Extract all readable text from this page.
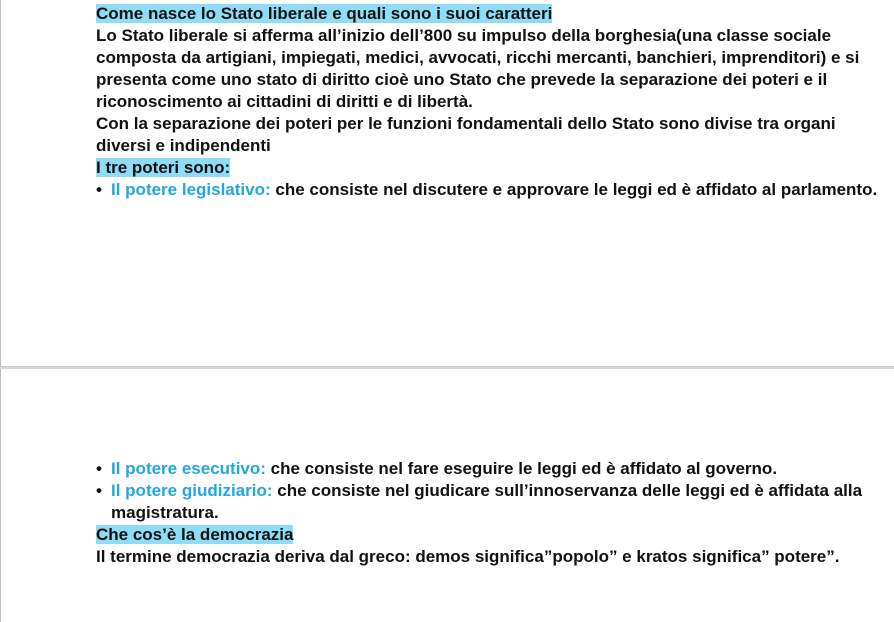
Come nasce lo Stato liberale e quali sono i suoi caratteri

Lo Stato liberale si afferma all’inizio dell’800 su impulso della borghesia(una classe sociale composta da artigiani, impiegati, medici, avvocati, ricchi mercanti, banchieri, imprenditori) e si presenta come uno stato di diritto cioè uno Stato che prevede la separazione dei poteri e il riconoscimento ai cittadini di diritti e di libertà.

Con la separazione dei poteri per le funzioni fondamentali dello Stato sono divise tra organi diversi e indipendenti

I tre poteri sono:

• Il potere legislativo: che consiste nel discutere e approvare le leggi ed è affidato al parlamento.
• Il potere esecutivo: che consiste nel fare eseguire le leggi ed è affidato al governo.
• Il potere giudiziario: che consiste nel giudicare sull’innoservanza delle leggi ed è affidata alla magistratura.

Che cos’è la democrazia

Il termine democrazia deriva dal greco: demos significa”popolo” e kratos significa” potere”.
